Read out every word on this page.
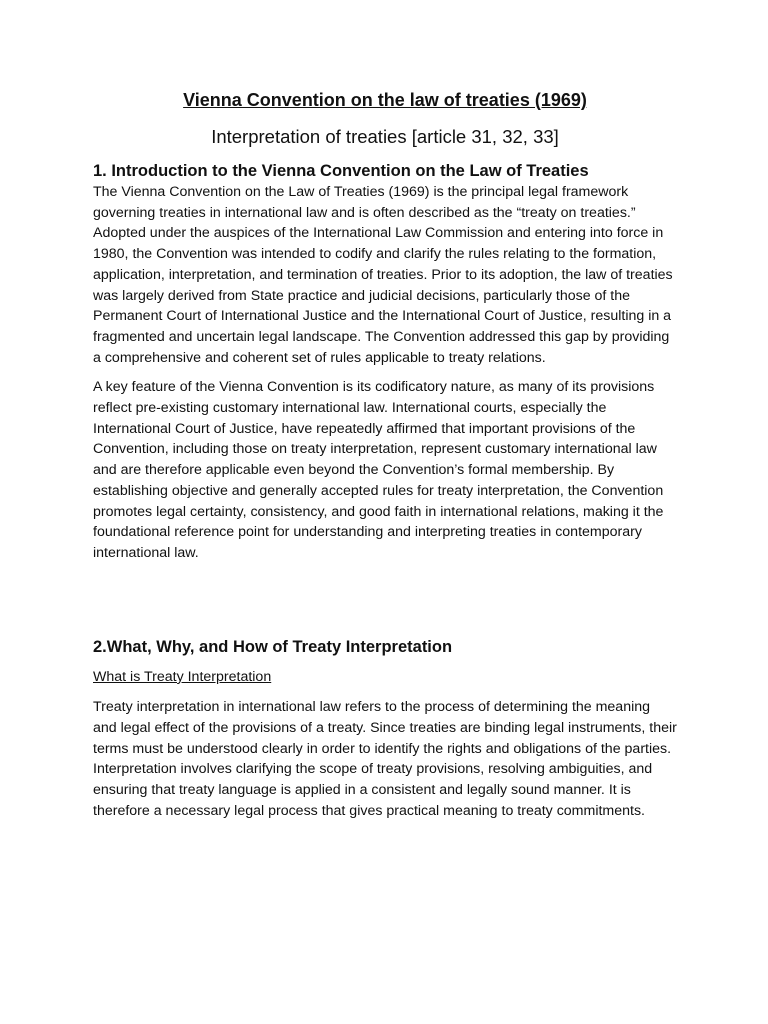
Vienna Convention on the law of treaties (1969)
Interpretation of treaties [article 31, 32, 33]
1. Introduction to the Vienna Convention on the Law of Treaties

The Vienna Convention on the Law of Treaties (1969) is the principal legal framework governing treaties in international law and is often described as the “treaty on treaties.” Adopted under the auspices of the International Law Commission and entering into force in 1980, the Convention was intended to codify and clarify the rules relating to the formation, application, interpretation, and termination of treaties. Prior to its adoption, the law of treaties was largely derived from State practice and judicial decisions, particularly those of the Permanent Court of International Justice and the International Court of Justice, resulting in a fragmented and uncertain legal landscape. The Convention addressed this gap by providing a comprehensive and coherent set of rules applicable to treaty relations.

A key feature of the Vienna Convention is its codificatory nature, as many of its provisions reflect pre-existing customary international law. International courts, especially the International Court of Justice, have repeatedly affirmed that important provisions of the Convention, including those on treaty interpretation, represent customary international law and are therefore applicable even beyond the Convention’s formal membership. By establishing objective and generally accepted rules for treaty interpretation, the Convention promotes legal certainty, consistency, and good faith in international relations, making it the foundational reference point for understanding and interpreting treaties in contemporary international law.

2.What, Why, and How of Treaty Interpretation

What is Treaty Interpretation

Treaty interpretation in international law refers to the process of determining the meaning and legal effect of the provisions of a treaty. Since treaties are binding legal instruments, their terms must be understood clearly in order to identify the rights and obligations of the parties. Interpretation involves clarifying the scope of treaty provisions, resolving ambiguities, and ensuring that treaty language is applied in a consistent and legally sound manner. It is therefore a necessary legal process that gives practical meaning to treaty commitments.
